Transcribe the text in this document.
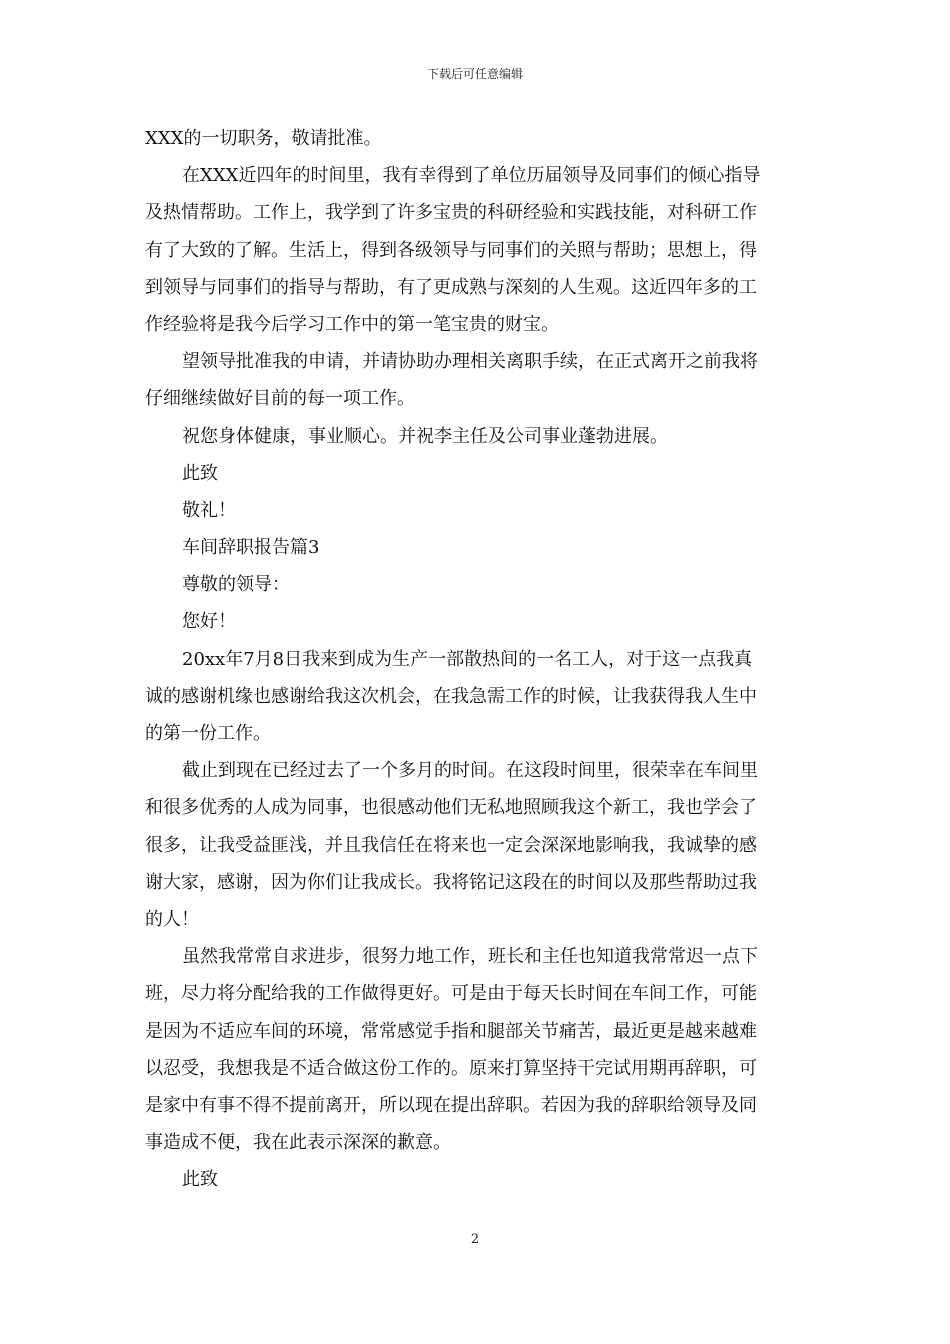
下载后可任意编辑
XXX的一切职务，敬请批准。
在XXX近四年的时间里，我有幸得到了单位历届领导及同事们的倾心指导
及热情帮助。工作上，我学到了许多宝贵的科研经验和实践技能，对科研工作
有了大致的了解。生活上，得到各级领导与同事们的关照与帮助；思想上，得
到领导与同事们的指导与帮助，有了更成熟与深刻的人生观。这近四年多的工
作经验将是我今后学习工作中的第一笔宝贵的财宝。
望领导批准我的申请，并请协助办理相关离职手续，在正式离开之前我将
仔细继续做好目前的每一项工作。
祝您身体健康，事业顺心。并祝李主任及公司事业蓬勃进展。
此致
敬礼！
车间辞职报告篇3
尊敬的领导：
您好！
20xx年7月8日我来到成为生产一部散热间的一名工人，对于这一点我真
诚的感谢机缘也感谢给我这次机会，在我急需工作的时候，让我获得我人生中
的第一份工作。
截止到现在已经过去了一个多月的时间。在这段时间里，很荣幸在车间里
和很多优秀的人成为同事，也很感动他们无私地照顾我这个新工，我也学会了
很多，让我受益匪浅，并且我信任在将来也一定会深深地影响我，我诚挚的感
谢大家，感谢，因为你们让我成长。我将铭记这段在的时间以及那些帮助过我
的人！
虽然我常常自求进步，很努力地工作，班长和主任也知道我常常迟一点下
班，尽力将分配给我的工作做得更好。可是由于每天长时间在车间工作，可能
是因为不适应车间的环境，常常感觉手指和腿部关节痛苦，最近更是越来越难
以忍受，我想我是不适合做这份工作的。原来打算坚持干完试用期再辞职，可
是家中有事不得不提前离开，所以现在提出辞职。若因为我的辞职给领导及同
事造成不便，我在此表示深深的歉意。
此致
2
